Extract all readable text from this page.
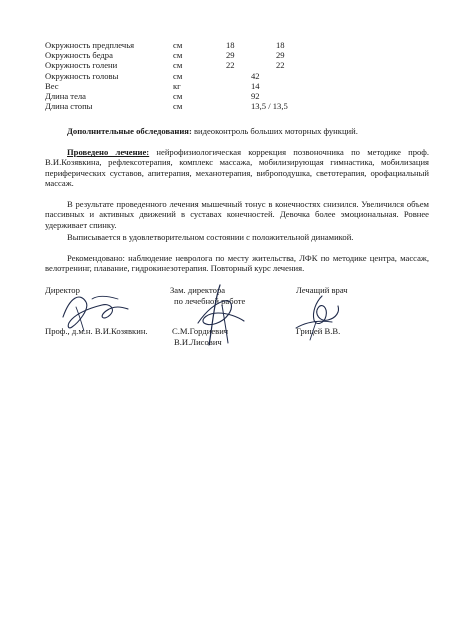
Окружность предплечья	см	18	18
Окружность бедра	см	29	29
Окружность голени	см	22	22
Окружность головы	см	42
Вес	кг	14
Длина тела	см	92
Длина стопы	см	13,5 / 13,5
Дополнительные обследования: видеоконтроль больших моторных функций.
Проведено лечение: нейрофизиологическая коррекция позвоночника по методике проф. В.И.Козявкина, рефлексотерапия, комплекс массажа, мобилизирующая гимнастика, мобилизация периферических суставов, апитерапия, механотерапия, виброподушка, светотерапия, орофациальный массаж.
В результате проведенного лечения мышечный тонус в конечностях снизился. Увеличился объем пассивных и активных движений в суставах конечностей. Девочка более эмоциональная. Ровнее удерживает спинку.
Выписывается в удовлетворительном состоянии с положительной динамикой.
Рекомендовано: наблюдение невролога по месту жительства, ЛФК по методике центра, массаж, велотренинг, плавание, гидрокинезотерапия. Повторный курс лечения.
Директор	Зам. директора
по лечебной работе
Лечащий врач
Проф., д.м.н. В.И.Козявкин.	С.М.Гордиевич
В.И.Лисович
Грицей В.В.
